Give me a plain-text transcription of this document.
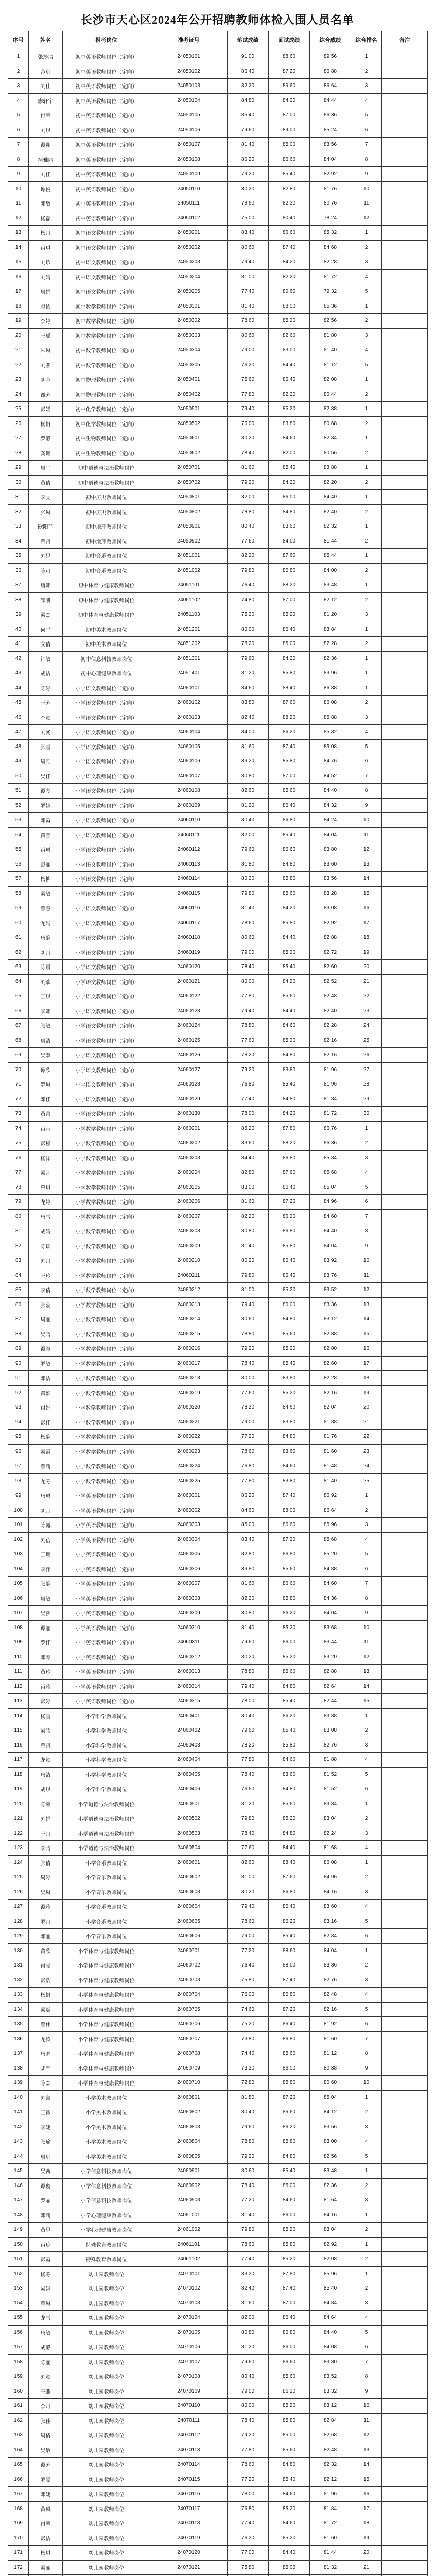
长沙市天心区2024年公开招聘教师体检入围人员名单
序号	姓名	报考岗位	准考证号	笔试成绩	面试成绩	综合成绩	综合排名	备注
1	张筠清	初中英语教师岗位（定向）	24050101	91.00	88.60	89.56	1	
2	范玥	初中英语教师岗位（定向）	24050102	86.40	87.20	86.88	2	
3	刘佳	初中英语教师岗位（定向）	24050103	82.20	89.60	86.64	3	
4	廖轩宇	初中英语教师岗位（定向）	24050104	84.80	84.20	84.44	4	
5	付荣	初中英语教师岗位（定向）	24050105	85.40	87.00	86.36	5	
6	刘琪	初中英语教师岗位（定向）	24050106	79.60	89.00	85.24	6	
7	谭翔	初中英语教师岗位（定向）	24050107	81.40	85.00	83.56	7	
8	柯雅丽	初中英语教师岗位（定向）	24050108	80.20	86.60	84.04	8	
9	刘佳	初中英语教师岗位（定向）	24050109	79.20	85.40	82.92	9	
10	谭悦	初中英语教师岗位（定向）	24050110	80.20	82.80	81.76	10	
11	邓敏	初中英语教师岗位（定向）	24050111	78.60	82.20	80.76	11	
12	杨磊	初中英语教师岗位（定向）	24050112	75.00	80.40	78.24	12	
13	杨丹	初中语文教师岗位（定向）	24050201	83.40	86.60	85.32	1	
14	肖琪	初中语文教师岗位（定向）	24050202	80.60	87.40	84.68	2	
15	刘珍	初中语文教师岗位（定向）	24050203	79.40	84.20	82.28	3	
16	刘婧	初中语文教师岗位（定向）	24050204	81.00	82.20	81.72	4	
17	周娟	初中语文教师岗位（定向）	24050205	77.40	80.60	79.32	5	
18	赵怡	初中数学教师岗位（定向）	24050301	81.40	88.00	85.36	1	
19	李婷	初中数学教师岗位（定向）	24050302	78.60	85.20	82.56	2	
20	王瑶	初中数学教师岗位（定向）	24050303	80.60	82.60	81.80	3	
21	朱琳	初中数学教师岗位（定向）	24050304	79.00	83.00	81.40	4	
22	刘燕	初中数学教师岗位（定向）	24050305	76.20	84.40	81.12	5	
23	胡蓉	初中物理教师岗位（定向）	24050401	75.60	86.40	82.08	1	
24	谢芳	初中物理教师岗位（定向）	24050402	77.80	82.20	80.44	2	
25	彭媛	初中化学教师岗位（定向）	24050501	79.40	85.20	82.88	1	
26	杨帆	初中化学教师岗位（定向）	24050502	76.00	83.80	80.68	2	
27	罗静	初中生物教师岗位（定向）	24050601	80.20	84.60	82.84	1	
28	龚璐	初中生物教师岗位（定向）	24050602	78.40	82.00	80.56	2	
29	周宇	初中道德与法治教师岗位	24050701	81.60	85.40	83.88	1	
30	黄倩	初中道德与法治教师岗位	24050702	79.20	84.20	82.20	2	
31	李雯	初中历史教师岗位	24050801	82.00	86.00	84.40	1	
32	张琳	初中历史教师岗位	24050802	78.80	84.80	82.40	2	
33	欧阳菲	初中地理教师岗位	24050901	80.40	83.60	82.32	1	
34	曾丹	初中地理教师岗位	24050902	77.60	84.00	81.44	2	
35	刘思	初中音乐教师岗位	24051001	82.20	87.60	85.44	1	
36	陈可	初中音乐教师岗位	24051002	79.80	86.80	84.00	2	
37	唐娜	初中体育与健康教师岗位	24051101	76.40	88.20	83.48	1	
38	邹凯	初中体育与健康教师岗位	24051102	74.80	87.00	82.12	2	
39	易杰	初中体育与健康教师岗位	24051103	75.20	85.20	81.20	3	
40	何平	初中美术教师岗位	24051201	80.00	86.40	83.84	1	
41	文倩	初中美术教师岗位	24051202	78.20	85.00	82.28	2	
42	钟敏	初中信息科技教师岗位	24051301	79.60	84.20	82.36	1	
43	胡洁	初中心理健康教师岗位	24051401	81.20	85.80	83.96	1	
44	陈婷	小学语文教师岗位（定向）	24060101	84.60	88.40	86.88	1	
45	王芳	小学语文教师岗位（定向）	24060102	83.80	87.60	86.08	2	
46	李颖	小学语文教师岗位（定向）	24060103	82.40	88.20	85.88	3	
47	刘畅	小学语文教师岗位（定向）	24060104	84.00	86.20	85.32	4	
48	张雪	小学语文教师岗位（定向）	24060105	81.60	87.40	85.08	5	
49	周雅	小学语文教师岗位（定向）	24060106	83.20	85.80	84.76	6	
50	吴佳	小学语文教师岗位（定向）	24060107	80.80	87.00	84.52	7	
51	谭琴	小学语文教师岗位（定向）	24060108	82.60	85.60	84.40	8	
52	罗婷	小学语文教师岗位（定向）	24060109	81.20	86.40	84.32	9	
53	邓霞	小学语文教师岗位（定向）	24060110	80.40	86.80	84.24	10	
54	黄莹	小学语文教师岗位（定向）	24060111	82.00	85.40	84.04	11	
55	肖琳	小学语文教师岗位（定向）	24060112	79.60	86.60	83.80	12	
56	彭丽	小学语文教师岗位（定向）	24060113	81.80	84.80	83.60	13	
57	杨柳	小学语文教师岗位（定向）	24060114	80.20	85.80	83.56	14	
58	易敏	小学语文教师岗位（定向）	24060115	79.80	85.60	83.28	15	
59	曾慧	小学语文教师岗位（定向）	24060116	81.40	84.20	83.08	16	
60	龙娟	小学语文教师岗位（定向）	24060117	78.60	85.80	82.92	17	
61	唐静	小学语文教师岗位（定向）	24060118	80.60	84.40	82.88	18	
62	胡丹	小学语文教师岗位（定向）	24060119	79.00	85.20	82.72	19	
63	陈晨	小学语文教师岗位（定向）	24060120	78.40	85.40	82.60	20	
64	刘欢	小学语文教师岗位（定向）	24060121	80.00	84.20	82.52	21	
65	王琪	小学语文教师岗位（定向）	24060122	77.80	85.60	82.48	22	
66	李娜	小学语文教师岗位（定向）	24060123	79.40	84.40	82.40	23	
67	张敏	小学语文教师岗位（定向）	24060124	78.80	84.60	82.28	24	
68	周洁	小学语文教师岗位（定向）	24060125	77.60	85.20	82.16	25	
69	吴双	小学语文教师岗位（定向）	24060126	78.20	84.80	82.16	26	
70	谭欣	小学语文教师岗位（定向）	24060127	79.20	83.80	81.96	27	
71	罗琳	小学语文教师岗位（定向）	24060128	76.80	85.40	81.96	28	
72	邓佳	小学语文教师岗位（定向）	24060129	77.40	84.80	81.84	29	
73	黄蕾	小学语文教师岗位（定向）	24060130	78.00	84.20	81.72	30	
74	肖雨	小学数学教师岗位（定向）	24060201	85.20	87.80	86.76	1	
75	彭程	小学数学教师岗位（定向）	24060202	83.60	88.20	86.36	2	
76	杨洋	小学数学教师岗位（定向）	24060203	84.40	86.80	85.84	3	
77	易凡	小学数学教师岗位（定向）	24060204	82.80	87.60	85.68	4	
78	曾琪	小学数学教师岗位（定向）	24060205	83.00	86.40	85.04	5	
79	龙婷	小学数学教师岗位（定向）	24060206	81.60	87.20	84.96	6	
80	唐雪	小学数学教师岗位（定向）	24060207	82.20	86.20	84.60	7	
81	胡婧	小学数学教师岗位（定向）	24060208	80.80	86.80	84.40	8	
82	陈瑶	小学数学教师岗位（定向）	24060209	81.40	85.80	84.04	9	
83	刘丹	小学数学教师岗位（定向）	24060210	80.20	86.40	83.92	10	
84	王玲	小学数学教师岗位（定向）	24060211	79.80	86.40	83.76	11	
85	李倩	小学数学教师岗位（定向）	24060212	81.00	85.20	83.52	12	
86	张蕊	小学数学教师岗位（定向）	24060213	79.40	86.00	83.36	13	
87	周丽	小学数学教师岗位（定向）	24060214	80.60	84.80	83.12	14	
88	吴晴	小学数学教师岗位（定向）	24060215	78.80	85.60	82.88	15	
89	谭慧	小学数学教师岗位（定向）	24060216	79.20	85.20	82.80	16	
90	罗敏	小学数学教师岗位（定向）	24060217	78.40	85.40	82.60	17	
91	邓洁	小学数学教师岗位（定向）	24060218	80.00	83.80	82.28	18	
92	黄颖	小学数学教师岗位（定向）	24060219	77.60	85.20	82.16	19	
93	肖娟	小学数学教师岗位（定向）	24060220	78.20	84.60	82.04	20	
94	彭佳	小学数学教师岗位（定向）	24060221	79.00	83.80	81.88	21	
95	杨静	小学数学教师岗位（定向）	24060222	77.20	84.80	81.76	22	
96	易霞	小学数学教师岗位（定向）	24060223	78.60	83.60	81.60	23	
97	曾莉	小学数学教师岗位（定向）	24060224	76.80	84.60	81.48	24	
98	龙芳	小学数学教师岗位（定向）	24060225	77.80	83.80	81.40	25	
99	唐琳	小学英语教师岗位（定向）	24060301	86.20	87.40	86.92	1	
100	胡月	小学英语教师岗位（定向）	24060302	84.60	88.00	86.64	2	
101	陈露	小学英语教师岗位（定向）	24060303	85.00	86.60	85.96	3	
102	刘蓓	小学英语教师岗位（定向）	24060304	83.40	87.20	85.68	4	
103	王璐	小学英语教师岗位（定向）	24060305	82.80	86.80	85.20	5	
104	李萍	小学英语教师岗位（定向）	24060306	83.80	85.60	84.88	6	
105	张静	小学英语教师岗位（定向）	24060307	81.60	86.60	84.60	7	
106	周敏	小学英语教师岗位（定向）	24060308	82.20	85.80	84.36	8	
107	吴莎	小学英语教师岗位（定向）	24060309	80.80	86.20	84.04	9	
108	谭丽	小学英语教师岗位（定向）	24060310	81.40	85.20	83.68	10	
109	罗佳	小学英语教师岗位（定向）	24060311	79.60	86.00	83.44	11	
110	邓琴	小学英语教师岗位（定向）	24060312	80.20	85.20	83.20	12	
111	黄玲	小学英语教师岗位（定向）	24060313	78.80	85.60	82.88	13	
112	肖雅	小学英语教师岗位（定向）	24060314	79.40	84.80	82.64	14	
113	彭婷	小学英语教师岗位（定向）	24060315	78.00	85.40	82.44	15	
114	杨雪	小学科学教师岗位	24060401	80.40	86.20	83.88	1	
115	易欣	小学科学教师岗位	24060402	79.60	85.40	83.08	2	
116	曾丹	小学科学教师岗位	24060403	78.20	85.80	82.76	3	
117	龙颖	小学科学教师岗位	24060404	77.80	84.60	81.88	4	
118	唐洁	小学科学教师岗位	24060405	78.40	83.60	81.52	5	
119	胡琪	小学科学教师岗位	24060406	76.60	84.80	81.52	6	
120	陈蓉	小学道德与法治教师岗位	24060501	81.20	85.60	83.84	1	
121	刘娟	小学道德与法治教师岗位	24060502	79.80	85.20	83.04	2	
122	王丹	小学道德与法治教师岗位	24060503	78.40	84.80	82.24	3	
123	李晴	小学道德与法治教师岗位	24060504	77.60	84.40	81.68	4	
124	张倩	小学音乐教师岗位	24060601	82.60	88.40	86.08	1	
125	周婷	小学音乐教师岗位	24060602	81.00	87.60	84.96	2	
126	吴琳	小学音乐教师岗位	24060603	80.20	86.80	84.16	3	
127	谭雅	小学音乐教师岗位	24060604	79.40	86.40	83.60	4	
128	罗丹	小学音乐教师岗位	24060605	78.60	86.20	83.16	5	
129	邓丽	小学音乐教师岗位	24060606	79.00	85.40	82.84	6	
130	黄欣	小学体育与健康教师岗位	24060701	77.20	88.60	84.04	1	
131	肖强	小学体育与健康教师岗位	24060702	76.40	88.00	83.36	2	
132	彭浩	小学体育与健康教师岗位	24060703	75.80	87.40	82.76	3	
133	杨帆	小学体育与健康教师岗位	24060704	76.00	86.80	82.48	4	
134	易斌	小学体育与健康教师岗位	24060705	74.60	87.20	82.16	5	
135	曾伟	小学体育与健康教师岗位	24060706	75.20	86.40	81.92	6	
136	龙涛	小学体育与健康教师岗位	24060707	73.80	86.80	81.60	7	
137	唐鹏	小学体育与健康教师岗位	24060708	74.40	85.60	81.12	8	
138	胡军	小学体育与健康教师岗位	24060709	73.20	86.00	80.88	9	
139	陈杰	小学体育与健康教师岗位	24060710	72.80	85.80	80.60	10	
140	刘鑫	小学美术教师岗位	24060801	81.80	87.20	85.04	1	
141	王薇	小学美术教师岗位	24060802	80.40	86.60	84.12	2	
142	李婕	小学美术教师岗位	24060803	79.60	86.20	83.56	3	
143	张瑜	小学美术教师岗位	24060804	78.80	85.80	83.00	4	
144	周玥	小学美术教师岗位	24060805	79.20	84.80	82.56	5	
145	吴茜	小学信息科技教师岗位	24060901	80.60	85.40	83.48	1	
146	谭璇	小学信息科技教师岗位	24060902	78.40	85.00	82.36	2	
147	罗晶	小学信息科技教师岗位	24060903	77.20	84.60	81.64	3	
148	邓莉	小学心理健康教师岗位	24061001	81.40	86.00	84.16	1	
149	黄思	小学心理健康教师岗位	24061002	79.80	85.20	83.04	2	
150	肖琼	特殊教育教师岗位	24061101	78.60	85.80	82.92	1	
151	彭霞	特殊教育教师岗位	24061102	77.40	85.20	82.08	2	
152	杨芬	幼儿园教师岗位	24070101	83.20	87.80	85.96	1	
153	易婷	幼儿园教师岗位	24070102	82.40	87.40	85.40	2	
154	曾琳	幼儿园教师岗位	24070103	81.60	87.00	84.84	3	
155	龙雪	幼儿园教师岗位	24070104	82.00	86.40	84.64	4	
156	唐敏	幼儿园教师岗位	24070105	80.80	86.80	84.40	5	
157	胡静	幼儿园教师岗位	24070106	81.20	86.00	84.08	6	
158	陈丽	幼儿园教师岗位	24070107	79.60	86.60	83.80	7	
159	刘颖	幼儿园教师岗位	24070108	80.40	85.60	83.52	8	
160	王燕	幼儿园教师岗位	24070109	79.00	86.20	83.32	9	
161	李丹	幼儿园教师岗位	24070110	80.00	85.20	83.12	10	
162	张佳	幼儿园教师岗位	24070111	78.40	85.80	82.84	11	
163	周倩	幼儿园教师岗位	24070112	79.20	85.00	82.68	12	
164	吴敏	幼儿园教师岗位	24070113	77.80	85.60	82.48	13	
165	谭芳	幼儿园教师岗位	24070114	78.60	84.80	82.32	14	
166	罗雯	幼儿园教师岗位	24070115	77.20	85.40	82.12	15	
167	邓婕	幼儿园教师岗位	24070116	78.00	84.60	81.96	16	
168	黄琳	幼儿园教师岗位	24070117	76.80	85.20	81.84	17	
169	肖蓉	幼儿园教师岗位	24070118	77.40	84.60	81.72	18	
170	彭洁	幼儿园教师岗位	24070119	76.20	85.20	81.60	19	
171	杨琪	幼儿园教师岗位	24070120	77.00	84.40	81.44	20	
172	易丽	幼儿园教师岗位	24070121	75.80	85.00	81.32	21	
